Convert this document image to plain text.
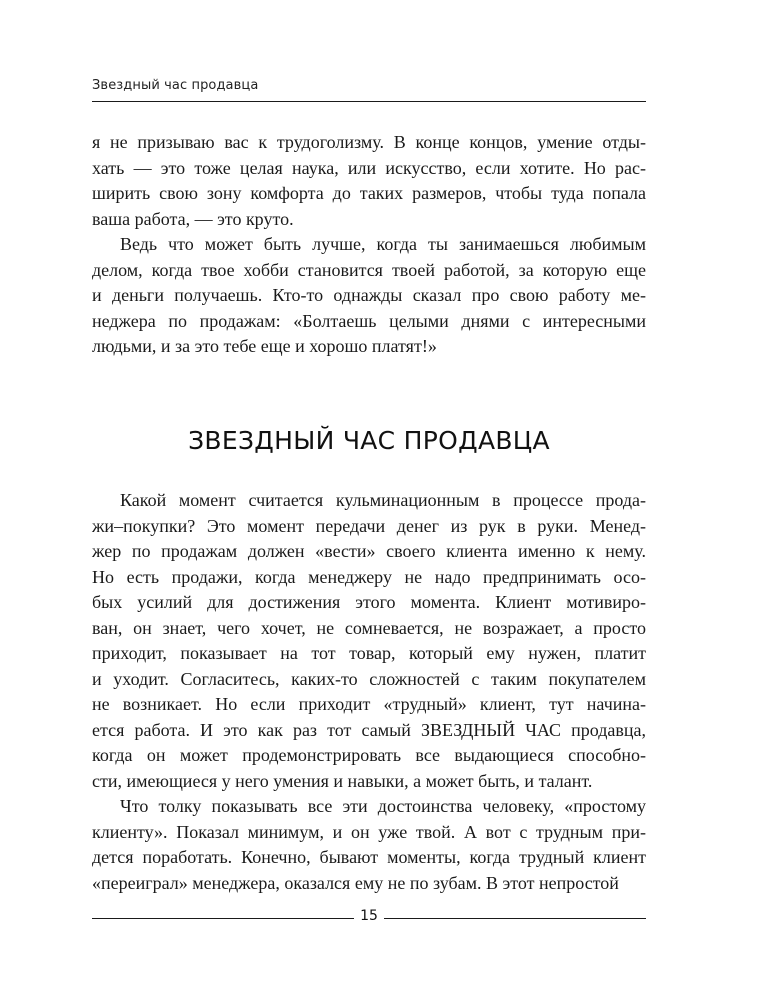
Звездный час продавца
я не призываю вас к трудоголизму. В конце концов, умение отды-
хать — это тоже целая наука, или искусство, если хотите. Но рас-
ширить свою зону комфорта до таких размеров, чтобы туда попала
ваша работа, — это круто.
Ведь что может быть лучше, когда ты занимаешься любимым
делом, когда твое хобби становится твоей работой, за которую еще
и деньги получаешь. Кто-то однажды сказал про свою работу ме-
неджера по продажам: «Болтаешь целыми днями с интересными
людьми, и за это тебе еще и хорошо платят!»
ЗВЕЗДНЫЙ ЧАС ПРОДАВЦА
Какой момент считается кульминационным в процессе прода-
жи–покупки? Это момент передачи денег из рук в руки. Менед-
жер по продажам должен «вести» своего клиента именно к нему.
Но есть продажи, когда менеджеру не надо предпринимать осо-
бых усилий для достижения этого момента. Клиент мотивиро-
ван, он знает, чего хочет, не сомневается, не возражает, а просто
приходит, показывает на тот товар, который ему нужен, платит
и уходит. Согласитесь, каких-то сложностей с таким покупателем
не возникает. Но если приходит «трудный» клиент, тут начина-
ется работа. И это как раз тот самый ЗВЕЗДНЫЙ ЧАС продавца,
когда он может продемонстрировать все выдающиеся способно-
сти, имеющиеся у него умения и навыки, а может быть, и талант.
Что толку показывать все эти достоинства человеку, «простому
клиенту». Показал минимум, и он уже твой. А вот с трудным при-
дется поработать. Конечно, бывают моменты, когда трудный клиент
«переиграл» менеджера, оказался ему не по зубам. В этот непростой
15
